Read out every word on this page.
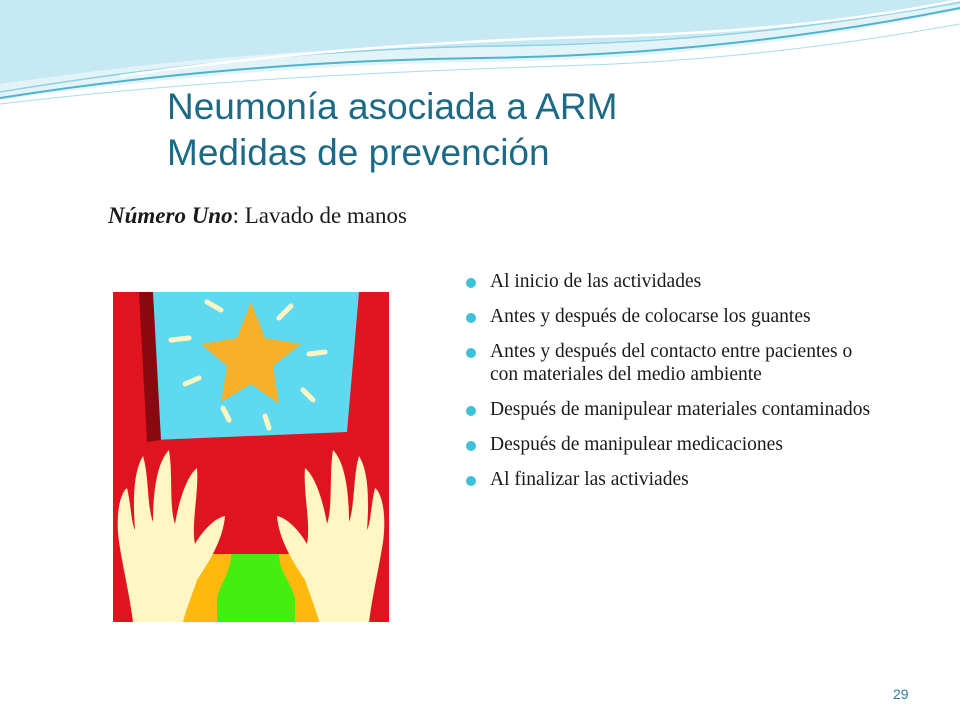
Neumonía asociada a ARM
Medidas de prevención
Número Uno: Lavado de manos
Al inicio de las actividades
Antes y después de colocarse los guantes
Antes y después del contacto entre pacientes o con materiales del medio ambiente
Después de manipulear materiales contaminados
Después de manipulear medicaciones
Al finalizar las activiades
29
